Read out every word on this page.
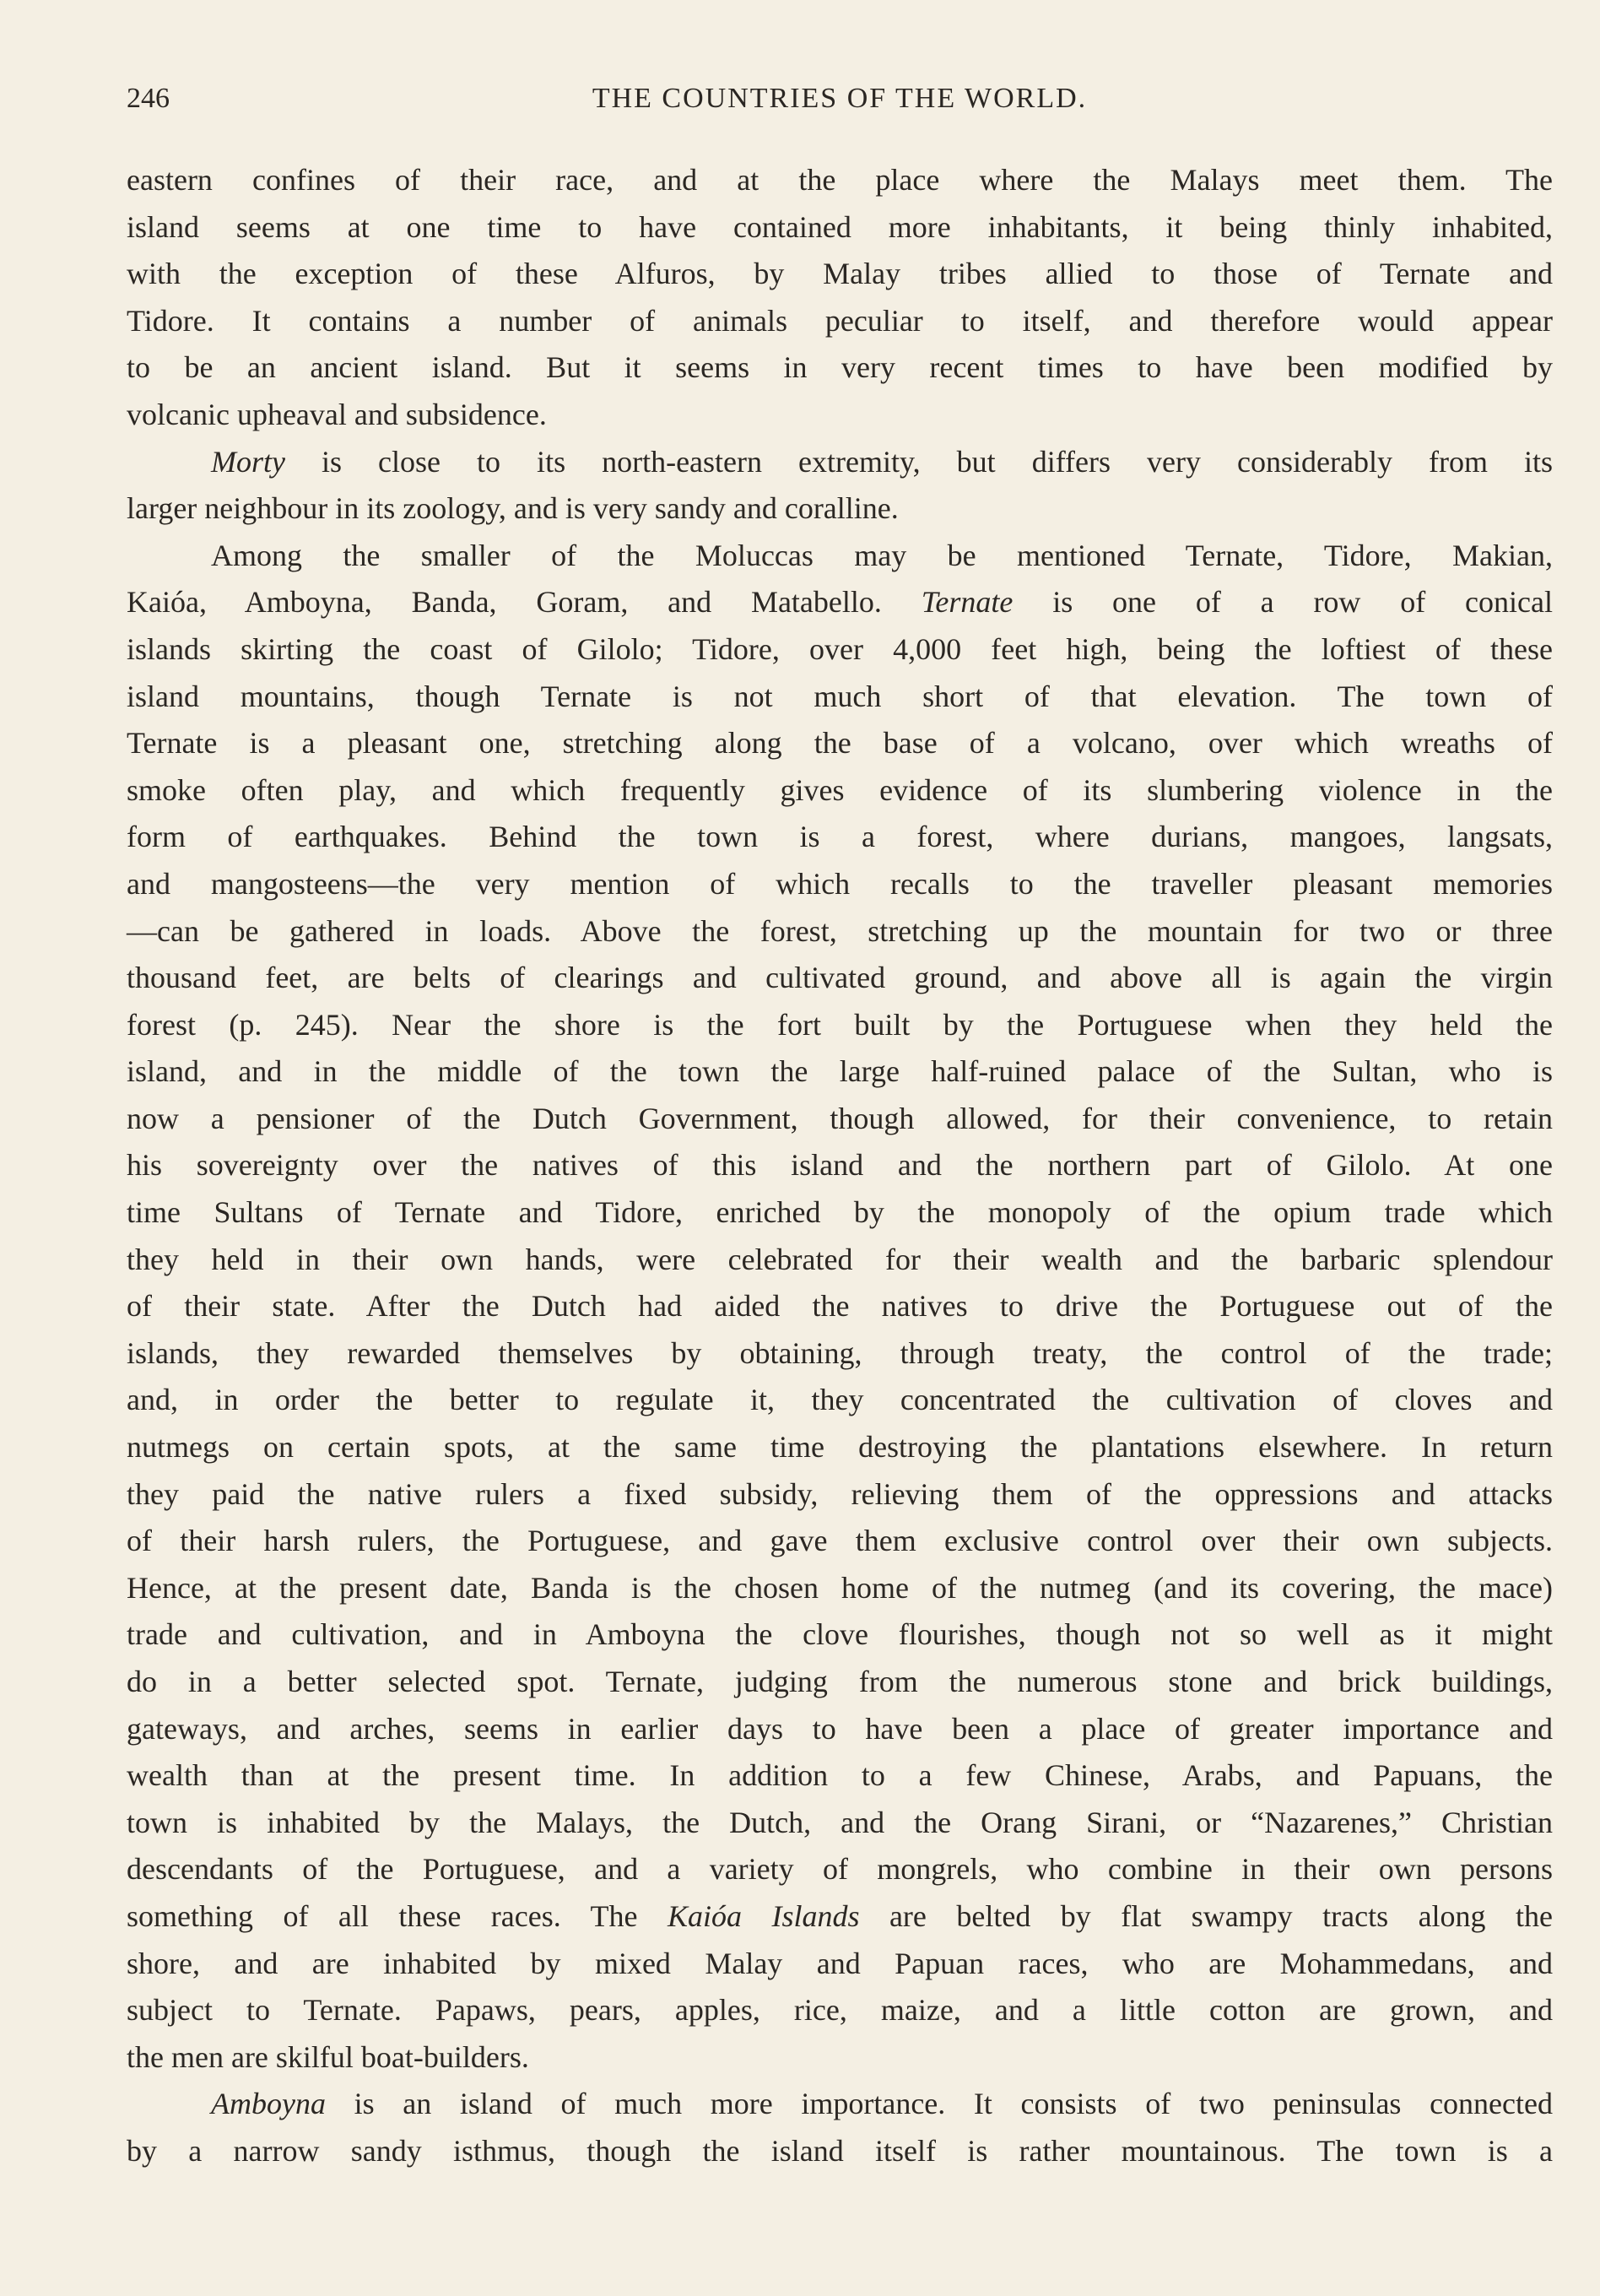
246	THE COUNTRIES OF THE WORLD.
eastern confines of their race, and at the place where the Malays meet them. The
island seems at one time to have contained more inhabitants, it being thinly inhabited,
with the exception of these Alfuros, by Malay tribes allied to those of Ternate and
Tidore. It contains a number of animals peculiar to itself, and therefore would appear
to be an ancient island. But it seems in very recent times to have been modified by
volcanic upheaval and subsidence.
Morty is close to its north-eastern extremity, but differs very considerably from its
larger neighbour in its zoology, and is very sandy and coralline.
Among the smaller of the Moluccas may be mentioned Ternate, Tidore, Makian,
Kaióa, Amboyna, Banda, Goram, and Matabello. Ternate is one of a row of conical
islands skirting the coast of Gilolo; Tidore, over 4,000 feet high, being the loftiest of these
island mountains, though Ternate is not much short of that elevation. The town of
Ternate is a pleasant one, stretching along the base of a volcano, over which wreaths of
smoke often play, and which frequently gives evidence of its slumbering violence in the
form of earthquakes. Behind the town is a forest, where durians, mangoes, langsats,
and mangosteens—the very mention of which recalls to the traveller pleasant memories
—can be gathered in loads. Above the forest, stretching up the mountain for two or three
thousand feet, are belts of clearings and cultivated ground, and above all is again the virgin
forest (p. 245). Near the shore is the fort built by the Portuguese when they held the
island, and in the middle of the town the large half-ruined palace of the Sultan, who is
now a pensioner of the Dutch Government, though allowed, for their convenience, to retain
his sovereignty over the natives of this island and the northern part of Gilolo. At one
time Sultans of Ternate and Tidore, enriched by the monopoly of the opium trade which
they held in their own hands, were celebrated for their wealth and the barbaric splendour
of their state. After the Dutch had aided the natives to drive the Portuguese out of the
islands, they rewarded themselves by obtaining, through treaty, the control of the trade;
and, in order the better to regulate it, they concentrated the cultivation of cloves and
nutmegs on certain spots, at the same time destroying the plantations elsewhere. In return
they paid the native rulers a fixed subsidy, relieving them of the oppressions and attacks
of their harsh rulers, the Portuguese, and gave them exclusive control over their own subjects.
Hence, at the present date, Banda is the chosen home of the nutmeg (and its covering, the mace)
trade and cultivation, and in Amboyna the clove flourishes, though not so well as it might
do in a better selected spot. Ternate, judging from the numerous stone and brick buildings,
gateways, and arches, seems in earlier days to have been a place of greater importance and
wealth than at the present time. In addition to a few Chinese, Arabs, and Papuans, the
town is inhabited by the Malays, the Dutch, and the Orang Sirani, or “Nazarenes,” Christian
descendants of the Portuguese, and a variety of mongrels, who combine in their own persons
something of all these races. The Kaióa Islands are belted by flat swampy tracts along the
shore, and are inhabited by mixed Malay and Papuan races, who are Mohammedans, and
subject to Ternate. Papaws, pears, apples, rice, maize, and a little cotton are grown, and
the men are skilful boat-builders.
Amboyna is an island of much more importance. It consists of two peninsulas connected
by a narrow sandy isthmus, though the island itself is rather mountainous. The town is a
